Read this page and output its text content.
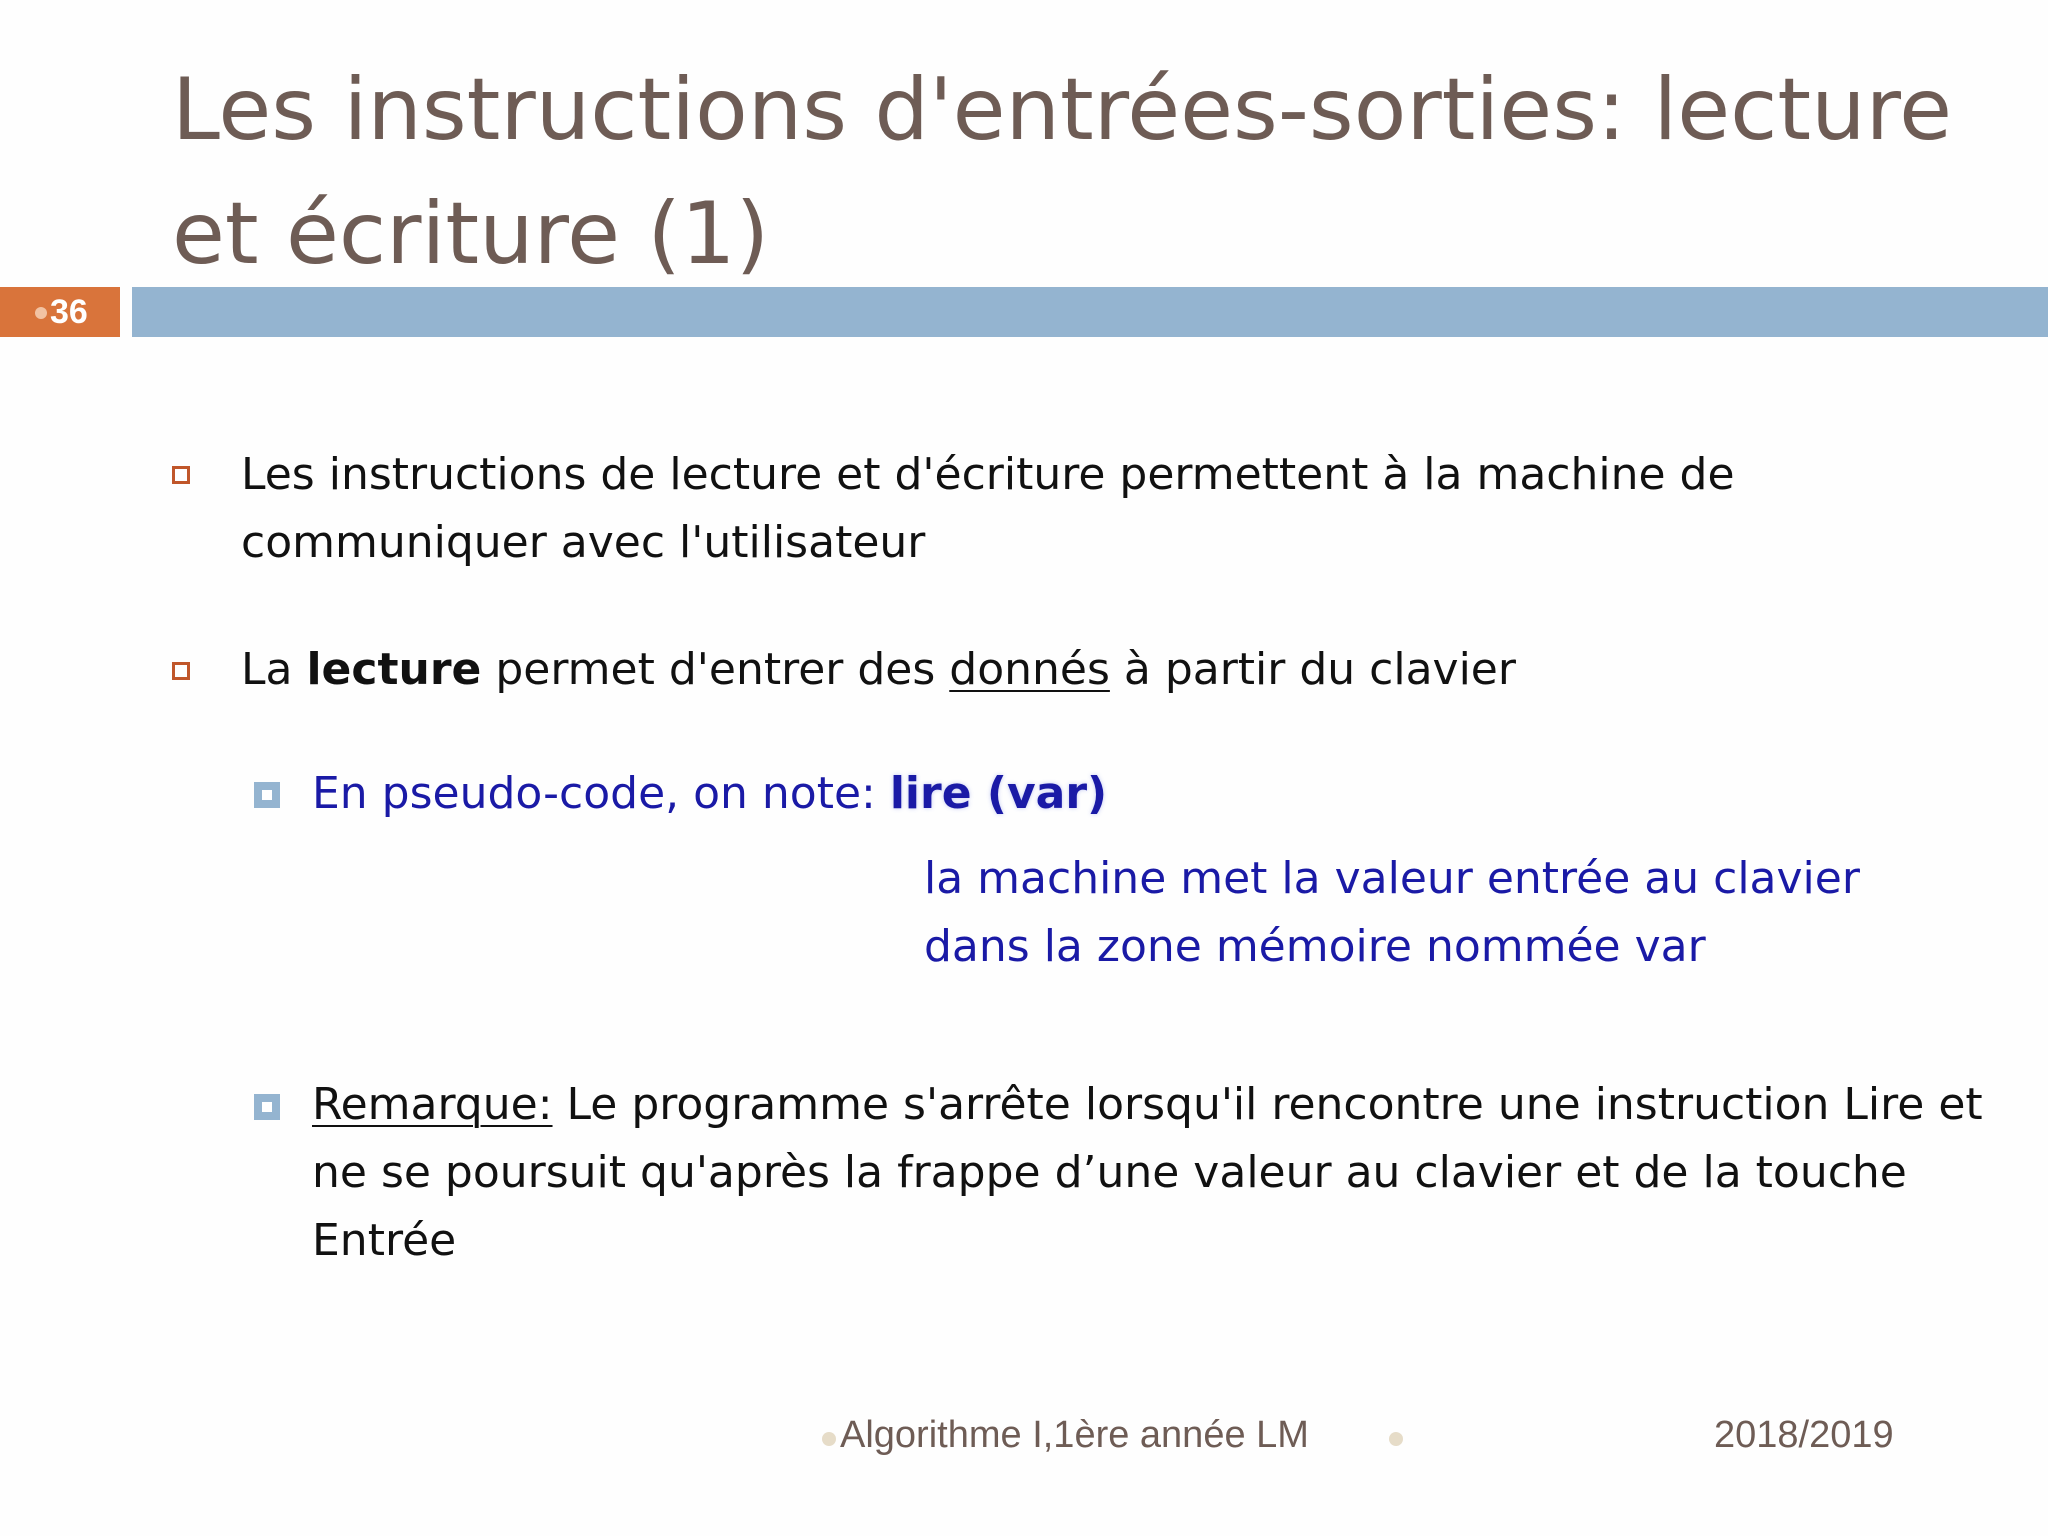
Les instructions d'entrées-sorties: lecture et écriture (1)
36

Les instructions de lecture et d'écriture permettent à la machine de communiquer avec l'utilisateur

La lecture permet d'entrer des donnés à partir du clavier

En pseudo-code, on note: lire (var)

la machine met la valeur entrée au clavier dans la zone mémoire nommée var

Remarque: Le programme s'arrête lorsqu'il rencontre une instruction Lire et ne se poursuit qu'après la frappe d’une valeur au clavier et de la touche Entrée

Algorithme I,1ère année LM	2018/2019
